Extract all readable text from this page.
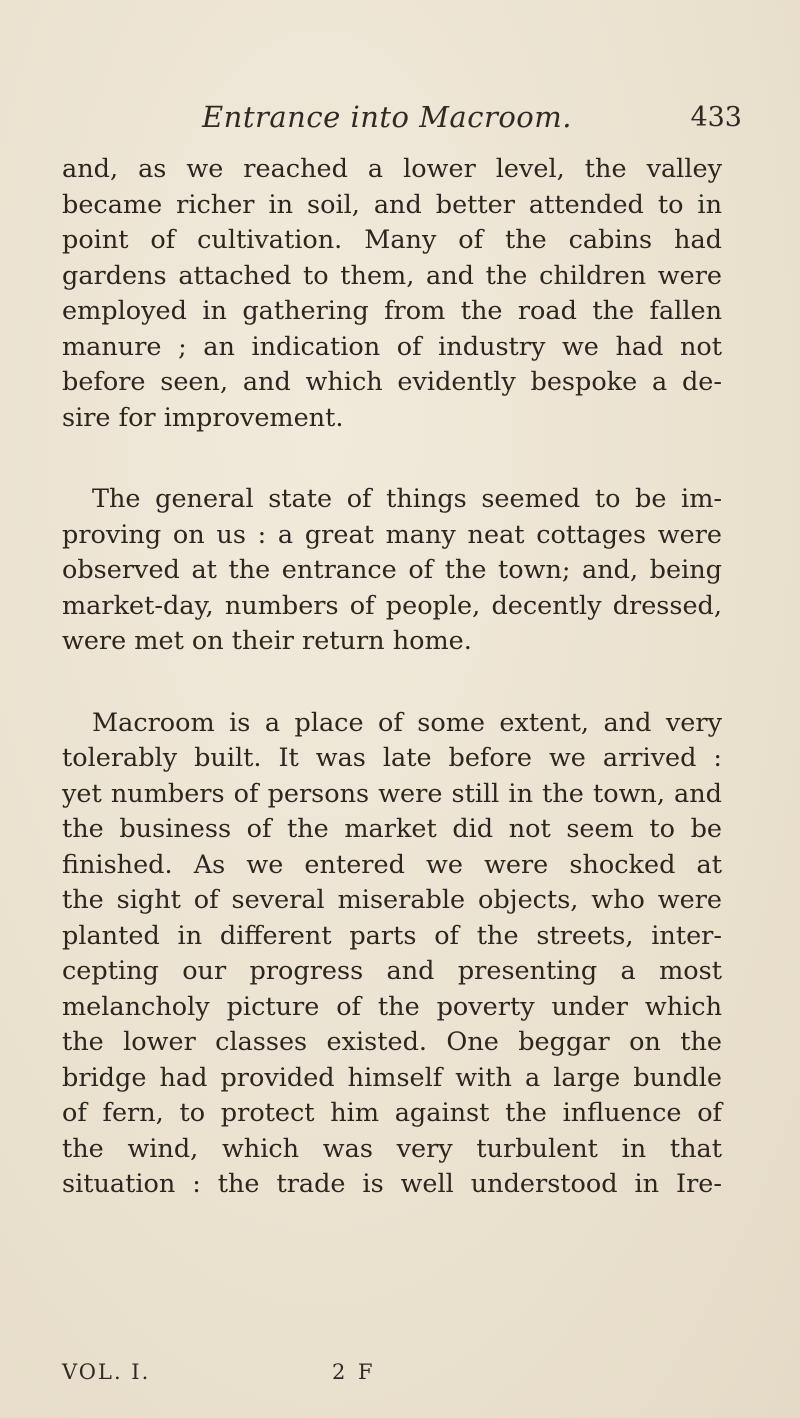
Entrance into Macroom.	433
and, as we reached a lower level, the valley
became richer in soil, and better attended to in
point of cultivation. Many of the cabins had
gardens attached to them, and the children were
employed in gathering from the road the fallen
manure ; an indication of industry we had not
before seen, and which evidently bespoke a de-
sire for improvement.
The general state of things seemed to be im-
proving on us : a great many neat cottages were
observed at the entrance of the town; and, being
market-day, numbers of people, decently dressed,
were met on their return home.
Macroom is a place of some extent, and very
tolerably built. It was late before we arrived :
yet numbers of persons were still in the town, and
the business of the market did not seem to be
finished. As we entered we were shocked at
the sight of several miserable objects, who were
planted in different parts of the streets, inter-
cepting our progress and presenting a most
melancholy picture of the poverty under which
the lower classes existed. One beggar on the
bridge had provided himself with a large bundle
of fern, to protect him against the influence of
the wind, which was very turbulent in that
situation : the trade is well understood in Ire-
VOL. I.	2 F
